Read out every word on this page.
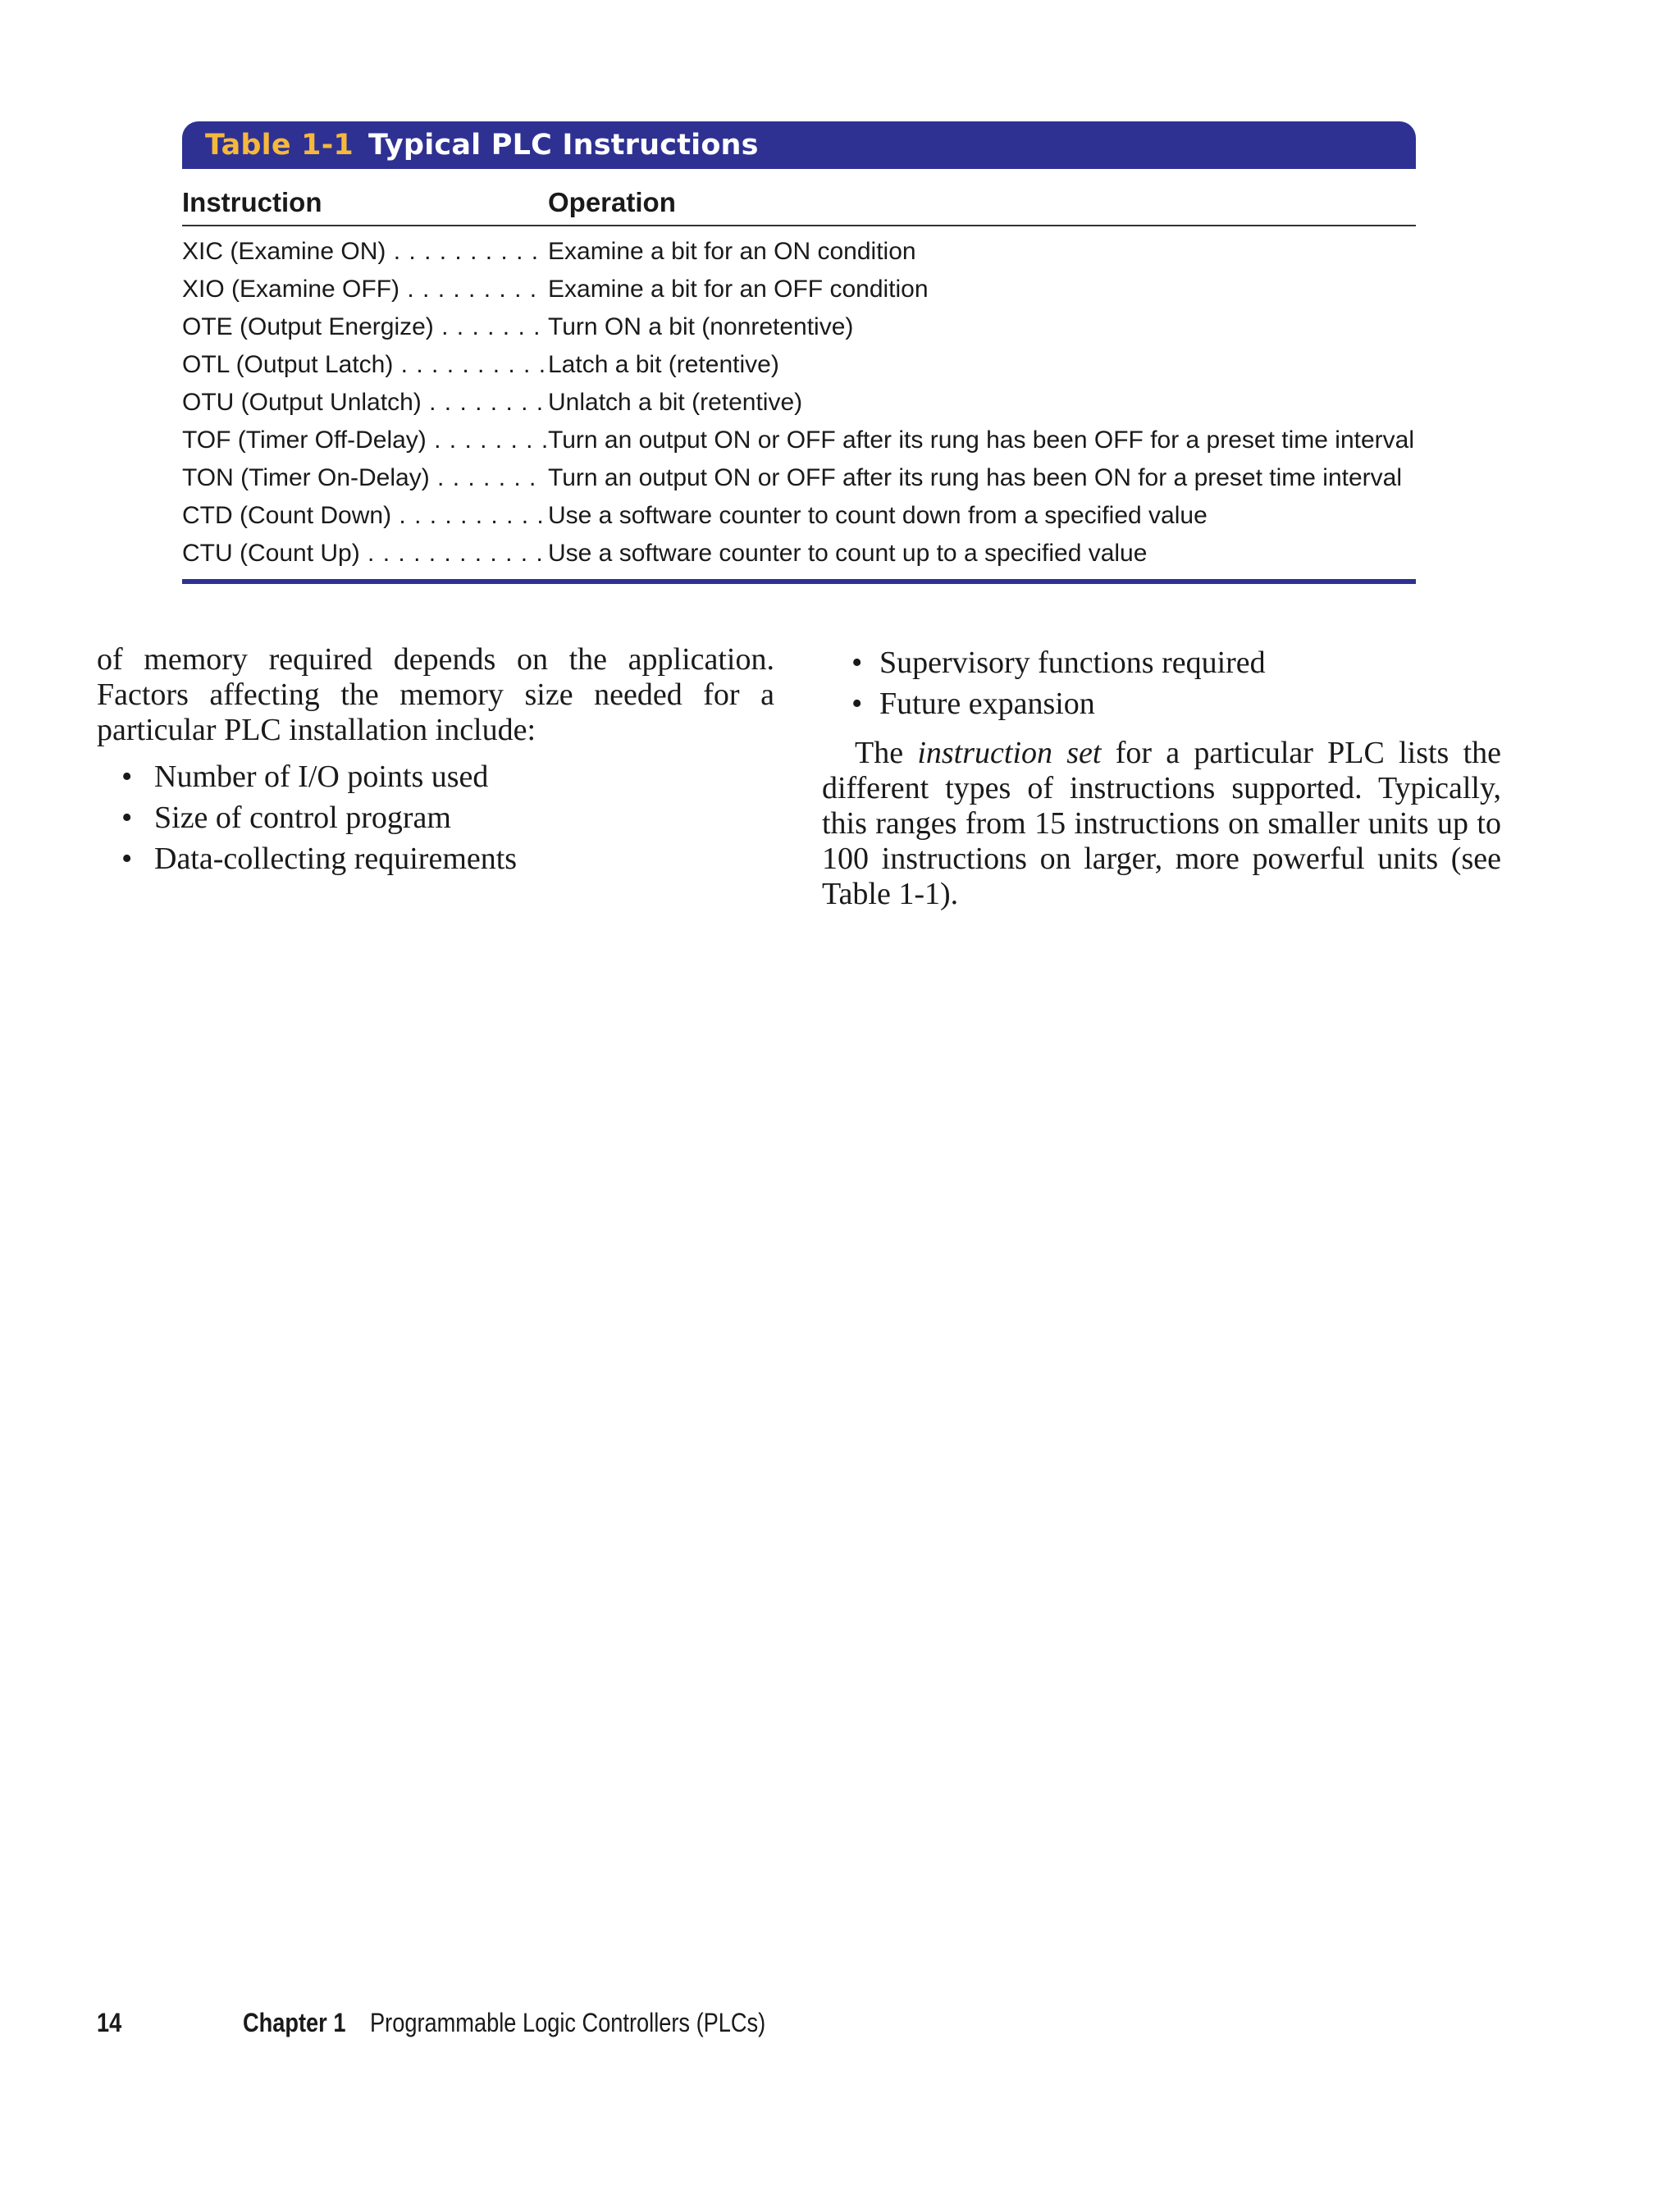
Table 1-1 Typical PLC Instructions
Instruction	Operation
XIC (Examine ON) . . .	Examine a bit for an ON condition
XIO (Examine OFF) . . .	Examine a bit for an OFF condition
OTE (Output Energize) . . .	Turn ON a bit (nonretentive)
OTL (Output Latch) . . .	Latch a bit (retentive)
OTU (Output Unlatch) . . .	Unlatch a bit (retentive)
TOF (Timer Off-Delay) . . .	Turn an output ON or OFF after its rung has been OFF for a preset time interval
TON (Timer On-Delay) . . .	Turn an output ON or OFF after its rung has been ON for a preset time interval
CTD (Count Down) . . .	Use a software counter to count down from a specified value
CTU (Count Up) . . .	Use a software counter to count up to a specified value

of memory required depends on the application. Factors affecting the memory size needed for a particular PLC installation include:

• Number of I/O points used
• Size of control program
• Data-collecting requirements
• Supervisory functions required
• Future expansion

The instruction set for a particular PLC lists the different types of instructions supported. Typically, this ranges from 15 instructions on smaller units up to 100 instructions on larger, more powerful units (see Table 1-1).

14	Chapter 1 Programmable Logic Controllers (PLCs)
